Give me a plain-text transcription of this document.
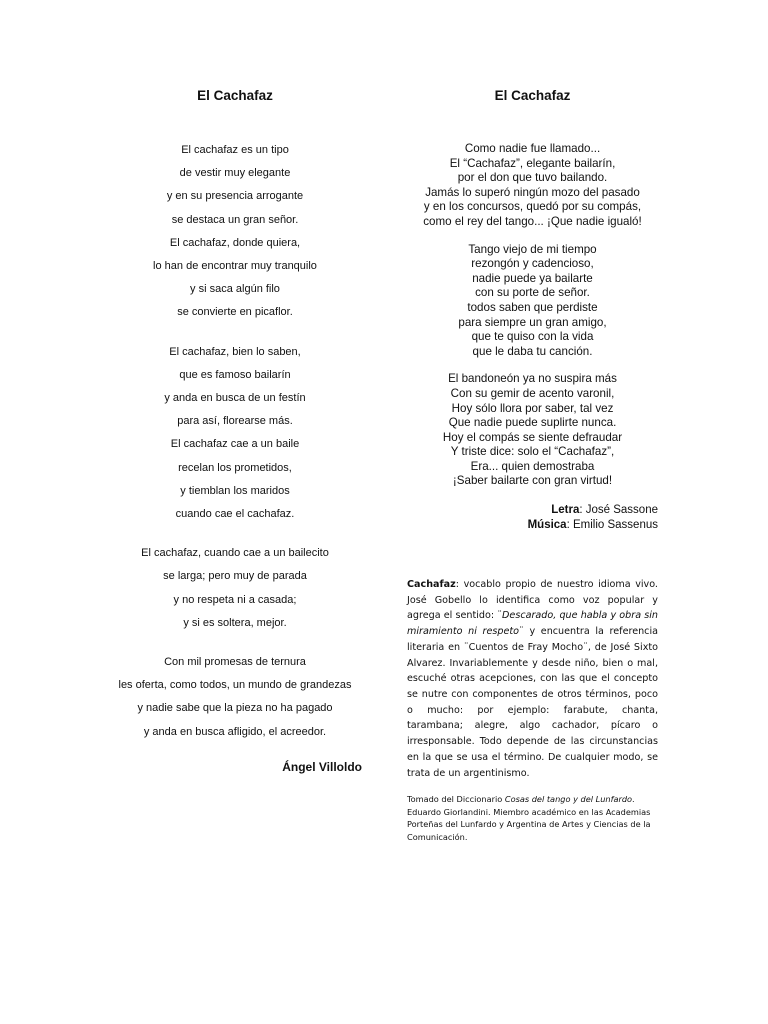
El Cachafaz
El cachafaz es un tipo
de vestir muy elegante
y en su presencia arrogante
se destaca un gran señor.
El cachafaz, donde quiera,
lo han de encontrar muy tranquilo
y si saca algún filo
se convierte en picaflor.
El cachafaz, bien lo saben,
que es famoso bailarín
y anda en busca de un festín
para así, florearse más.
El cachafaz cae a un baile
recelan los prometidos,
y tiemblan los maridos
cuando cae el cachafaz.
El cachafaz, cuando cae a un bailecito
se larga; pero muy de parada
y no respeta ni a casada;
y si es soltera, mejor.
Con mil promesas de ternura
les oferta, como todos, un mundo de grandezas
y nadie sabe que la pieza no ha pagado
y anda en busca afligido, el acreedor.
Ángel Villoldo
El Cachafaz
Como nadie fue llamado...
El “Cachafaz”, elegante bailarín,
por el don que tuvo bailando.
Jamás lo superó ningún mozo del pasado
y en los concursos, quedó por su compás,
como el rey del tango... ¡Que nadie igualó!
Tango viejo de mi tiempo
rezongón y cadencioso,
nadie puede ya bailarte
con su porte de señor.
todos saben que perdiste
para siempre un gran amigo,
que te quiso con la vida
que le daba tu canción.
El bandoneón ya no suspira más
Con su gemir de acento varonil,
Hoy sólo llora por saber, tal vez
Que nadie puede suplirte nunca.
Hoy el compás se siente defraudar
Y triste dice: solo el “Cachafaz”,
Era... quien demostraba
¡Saber bailarte con gran virtud!
Letra: José Sassone
Música: Emilio Sassenus
Cachafaz: vocablo propio de nuestro idioma vivo. José Gobello lo identifica como voz popular y agrega el sentido: ¨Descarado, que habla y obra sin miramiento ni respeto¨ y encuentra la referencia literaria en ¨Cuentos de Fray Mocho¨, de José Sixto Alvarez. Invariablemente y desde niño, bien o mal, escuché otras acepciones, con las que el concepto se nutre con componentes de otros términos, poco o mucho: por ejemplo: farabute, chanta, tarambana; alegre, algo cachador, pícaro o irresponsable. Todo depende de las circunstancias en la que se usa el término. De cualquier modo, se trata de un argentinismo.
Tomado del Diccionario Cosas del tango y del Lunfardo. Eduardo Giorlandini. Miembro académico en las Academias Porteñas del Lunfardo y Argentina de Artes y Ciencias de la Comunicación.
